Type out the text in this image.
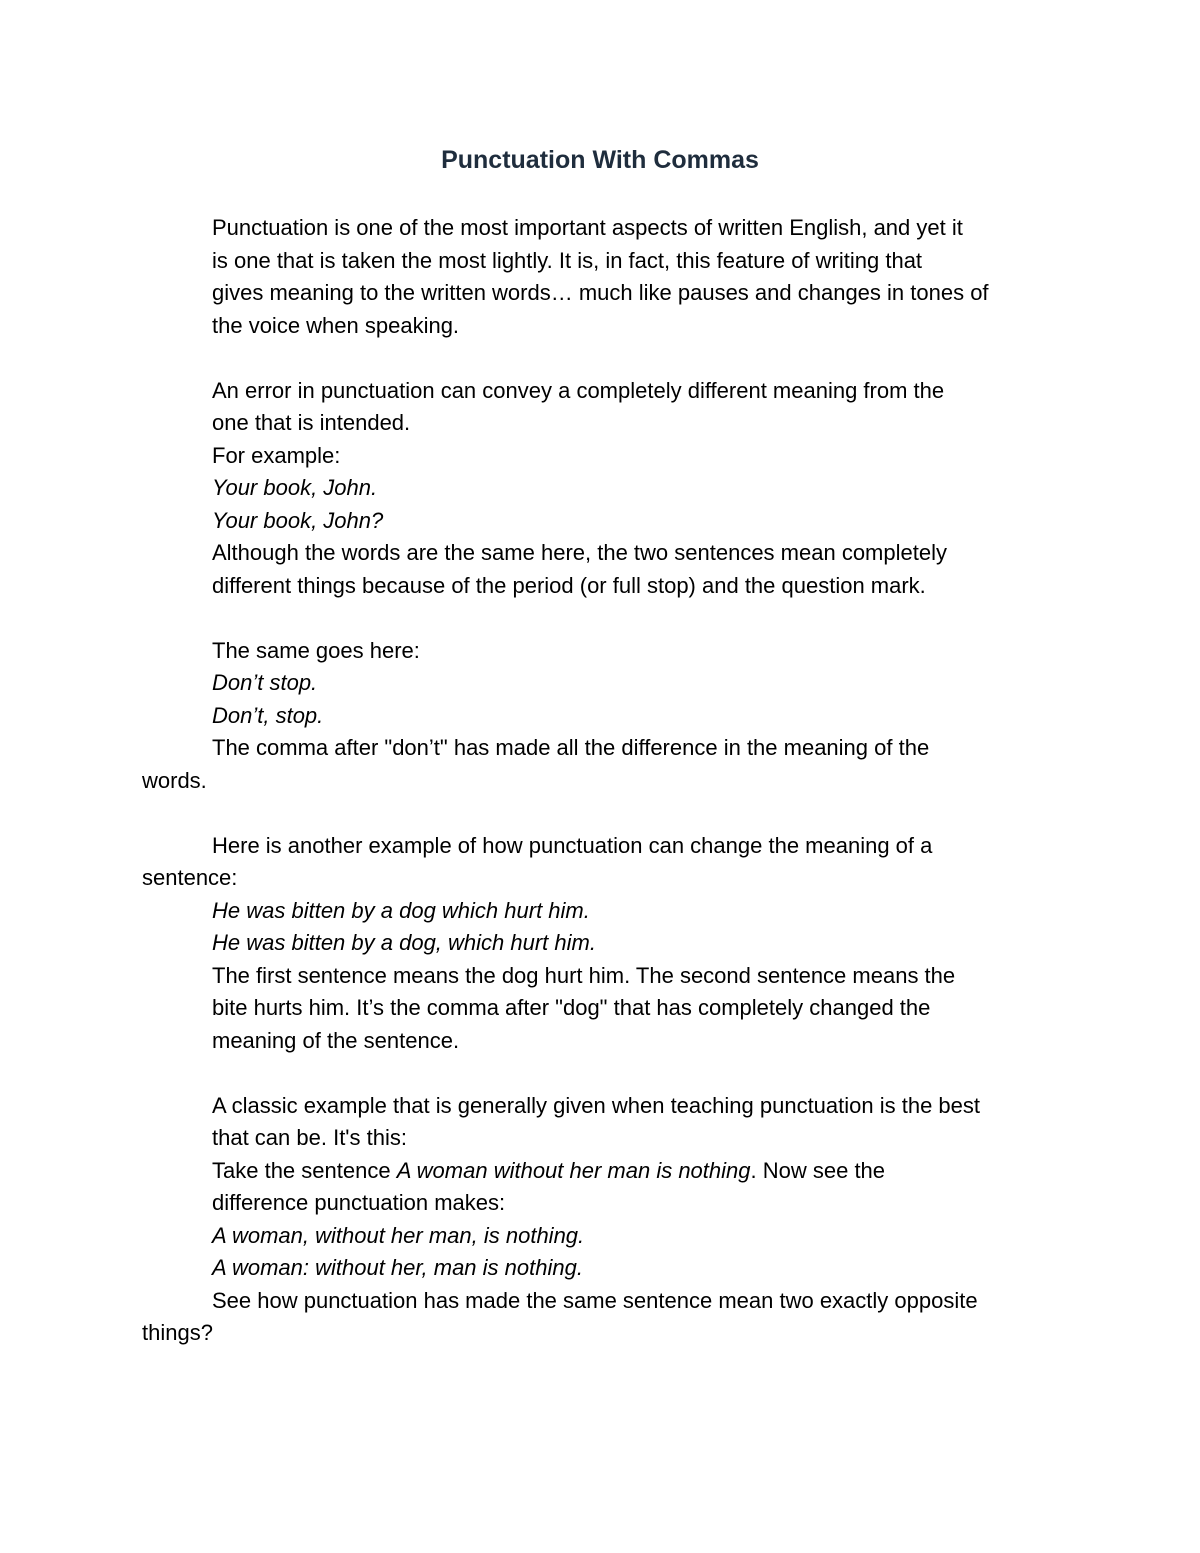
Punctuation With Commas
Punctuation is one of the most important aspects of written English, and yet it
is one that is taken the most lightly. It is, in fact, this feature of writing that
gives meaning to the written words… much like pauses and changes in tones of
the voice when speaking.
An error in punctuation can convey a completely different meaning from the
one that is intended.
For example:
Your book, John.
Your book, John?
Although the words are the same here, the two sentences mean completely
different things because of the period (or full stop) and the question mark.
The same goes here:
Don’t stop.
Don’t, stop.
The comma after "don’t" has made all the difference in the meaning of the
words.
Here is another example of how punctuation can change the meaning of a
sentence:
He was bitten by a dog which hurt him.
He was bitten by a dog, which hurt him.
The first sentence means the dog hurt him. The second sentence means the
bite hurts him. It’s the comma after "dog" that has completely changed the
meaning of the sentence.
A classic example that is generally given when teaching punctuation is the best
that can be. It's this:
Take the sentence A woman without her man is nothing. Now see the
difference punctuation makes:
A woman, without her man, is nothing.
A woman: without her, man is nothing.
See how punctuation has made the same sentence mean two exactly opposite
things?
